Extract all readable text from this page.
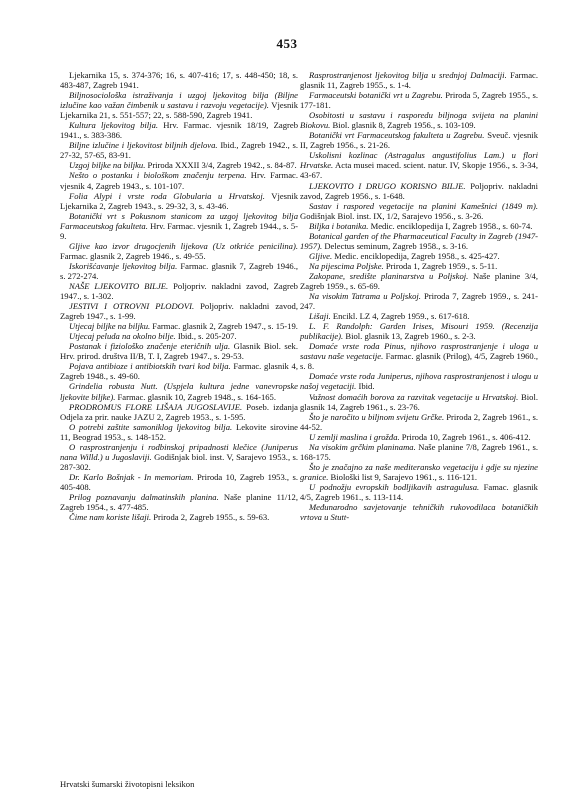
453
Ljekarnika 15, s. 374-376; 16, s. 407-416; 17, s. 448-450; 18, s. 483-487, Zagreb 1941.
Biljnosociološka istraživanja i uzgoj ljekovitog bilja (Biljne izlučine kao važan čimbenik u sastavu i razvoju vegetacije). Vjesnik Ljekarnika 21, s. 551-557; 22, s. 588-590, Zagreb 1941.
Kultura ljekovitog bilja. Hrv. Farmac. vjesnik 18/19, Zagreb 1941., s. 383-386.
Biljne izlučine i ljekovitost biljnih djelova. Ibid., Zagreb 1942., s. 27-32, 57-65, 83-91.
Uzgoj biljke na biljku. Priroda XXXII 3/4, Zagreb 1942., s. 84-87.
Nešto o postanku i biološkom značenju terpena. Hrv. Farmac. vjesnik 4, Zagreb 1943., s. 101-107.
Folia Alypi i vrste roda Globularia u Hrvatskoj. Vjesnik Ljekarnika 2, Zagreb 1943., s. 29-32, 3, s. 43-46.
Botanički vrt s Pokusnom stanicom za uzgoj ljekovitog bilja Farmaceutskog fakulteta. Hrv. Farmac. vjesnik 1, Zagreb 1944., s. 5-9.
Gljive kao izvor drugocjenih lijekova (Uz otkriće penicilina). Farmac. glasnik 2, Zagreb 1946., s. 49-55.
Iskorišćavanje ljekovitog bilja. Farmac. glasnik 7, Zagreb 1946., s. 272-274.
NAŠE LJEKOVITO BILJE. Poljopriv. nakladni zavod, Zagreb 1947., s. 1-302.
JESTIVI I OTROVNI PLODOVI. Poljopriv. nakladni zavod, Zagreb 1947., s. 1-99.
Utjecaj biljke na biljku. Farmac. glasnik 2, Zagreb 1947., s. 15-19.
Utjecaj peluda na okolno bilje. Ibid., s. 205-207.
Postanak i fiziološko značenje eteričnih ulja. Glasnik Biol. sek. Hrv. prirod. društva II/B, T. I, Zagreb 1947., s. 29-53.
Pojava antibioze i antibiotskih tvari kod bilja. Farmac. glasnik 4, Zagreb 1948., s. 49-60.
Grindelia robusta Nutt. (Uspjela kultura jedne vanevropske ljekovite biljke). Farmac. glasnik 10, Zagreb 1948., s. 164-165.
PRODROMUS FLORE LIŠAJA JUGOSLAVIJE. Poseb. izdanja Odjela za prir. nauke JAZU 2, Zagreb 1953., s. 1-595.
O potrebi zaštite samoniklog ljekovitog bilja. Lekovite sirovine 11, Beograd 1953., s. 148-152.
O rasprostranjenju i rodbinskoj pripadnosti klečice (Juniperus nana Willd.) u Jugoslaviji. Godišnjak biol. inst. V, Sarajevo 1953., s. 287-302.
Dr. Karlo Bošnjak - In memoriam. Priroda 10, Zagreb 1953., s. 405-408.
Prilog poznavanju dalmatinskih planina. Naše planine 11/12, Zagreb 1954., s. 477-485.
Čime nam koriste lišaji. Priroda 2, Zagreb 1955., s. 59-63.
Rasprostranjenost ljekovitog bilja u srednjoj Dalmaciji. Farmac. glasnik 11, Zagreb 1955., s. 1-4.
Farmaceutski botanički vrt u Zagrebu. Priroda 5, Zagreb 1955., s. 177-181.
Osobitosti u sastavu i rasporedu biljnoga svijeta na planini Biokovu. Biol. glasnik 8, Zagreb 1956., s. 103-109.
Botanički vrt Farmaceutskog fakulteta u Zagrebu. Sveuč. vjesnik II, Zagreb 1956., s. 21-26.
Uskolisni kozlinac (Astragalus angustifolius Lam.) u flori Hrvatske. Acta musei maced. scient. natur. IV, Skopje 1956., s. 3-34, 43-67.
LJEKOVITO I DRUGO KORISNO BILJE. Poljopriv. nakladni zavod, Zagreb 1956., s. 1-648.
Sastav i raspored vegetacije na planini Kamešnici (1849 m). Godišnjak Biol. inst. IX, 1/2, Sarajevo 1956., s. 3-26.
Biljka i botanika. Medic. enciklopedija I, Zagreb 1958., s. 60-74.
Botanical garden of the Pharmaceutical Faculty in Zagreb (1947-1957). Delectus seminum, Zagreb 1958., s. 3-16.
Gljive. Medic. enciklopedija, Zagreb 1958., s. 425-427.
Na pijescima Poljske. Priroda 1, Zagreb 1959., s. 5-11.
Zakopane, središte planinarstva u Poljskoj. Naše planine 3/4, Zagreb 1959., s. 65-69.
Na visokim Tatrama u Poljskoj. Priroda 7, Zagreb 1959., s. 241-247.
Lišaji. Encikl. LZ 4, Zagreb 1959., s. 617-618.
L. F. Randolph: Garden Irises, Misouri 1959. (Recenzija publikacije). Biol. glasnik 13, Zagreb 1960., s. 2-3.
Domaće vrste roda Pinus, njihovo rasprostranjenje i uloga u sastavu naše vegetacije. Farmac. glasnik (Prilog), 4/5, Zagreb 1960., s. 8.
Domaće vrste roda Juniperus, njihova rasprostranjenost i ulogu u našoj vegetaciji. Ibid.
Važnost domaćih borova za razvitak vegetacije u Hrvatskoj. Biol. glasnik 14, Zagreb 1961., s. 23-76.
Što je naročito u biljnom svijetu Grčke. Priroda 2, Zagreb 1961., s. 44-52.
U zemlji maslina i grožđa. Priroda 10, Zagreb 1961., s. 406-412.
Na visokim grčkim planinama. Naše planine 7/8, Zagreb 1961., s. 168-175.
Što je značajno za naše mediteransko vegetaciju i gdje su njezine granice. Biološki list 9, Sarajevo 1961., s. 116-121.
U podnožju evropskih bodljikavih astragulusa. Famac. glasnik 4/5, Zagreb 1961., s. 113-114.
Međunarodno savjetovanje tehničkih rukovodilaca botaničkih vrtova u Stutt-
Hrvatski šumarski životopisni leksikon
